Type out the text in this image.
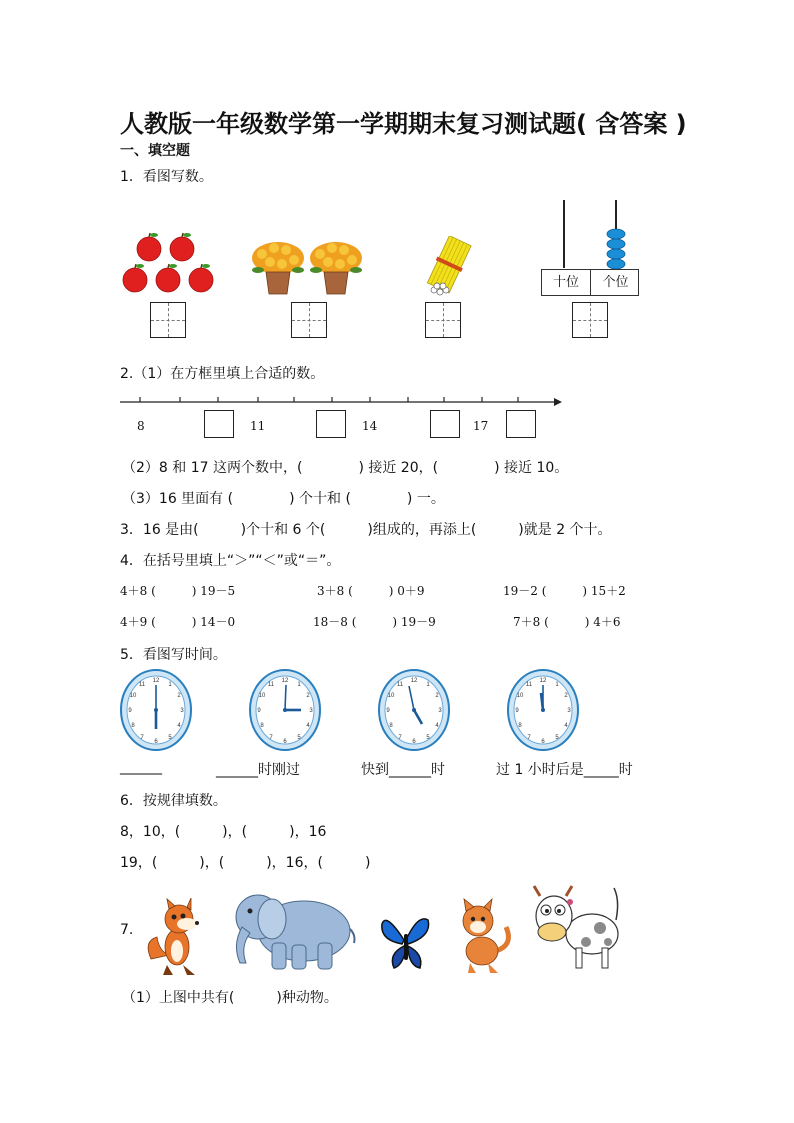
人教版一年级数学第一学期期末复习测试题( 含答案 )
一、填空题
1．看图写数。
十位	个位
2.（1）在方框里填上合适的数。
8	11	14	17
（2）8 和 17 这两个数中，(　　　　) 接近 20，(　　　　) 接近 10。
（3）16 里面有 (　　　　) 个十和 (　　　　) 一。
3．16 是由(　　　)个十和 6 个(　　　)组成的，再添上(　　　)就是 2 个十。
4．在括号里填上“＞”“＜”或“＝”。
4＋8 (　　　) 19－5	3＋8 (　　　) 0＋9	19－2 (　　　) 15＋2
4＋9 (　　　) 14－0	18－8 (　　　) 19－9	7＋8 (　　　) 4＋6
5．看图写时间。
12
1
2
3
4
5
6
7
8
9
10
11
12
1
2
3
4
5
6
7
8
9
10
11
12
1
2
3
4
5
6
7
8
9
10
11
12
1
2
3
4
5
6
7
8
9
10
11
______	______时刚过	快到______时	过 1 小时后是_____时
6．按规律填数。
8，10，(　　　)，(　　　)，16
19，(　　　)，(　　　)，16，(　　　)
7.
（1）上图中共有(　　　)种动物。
